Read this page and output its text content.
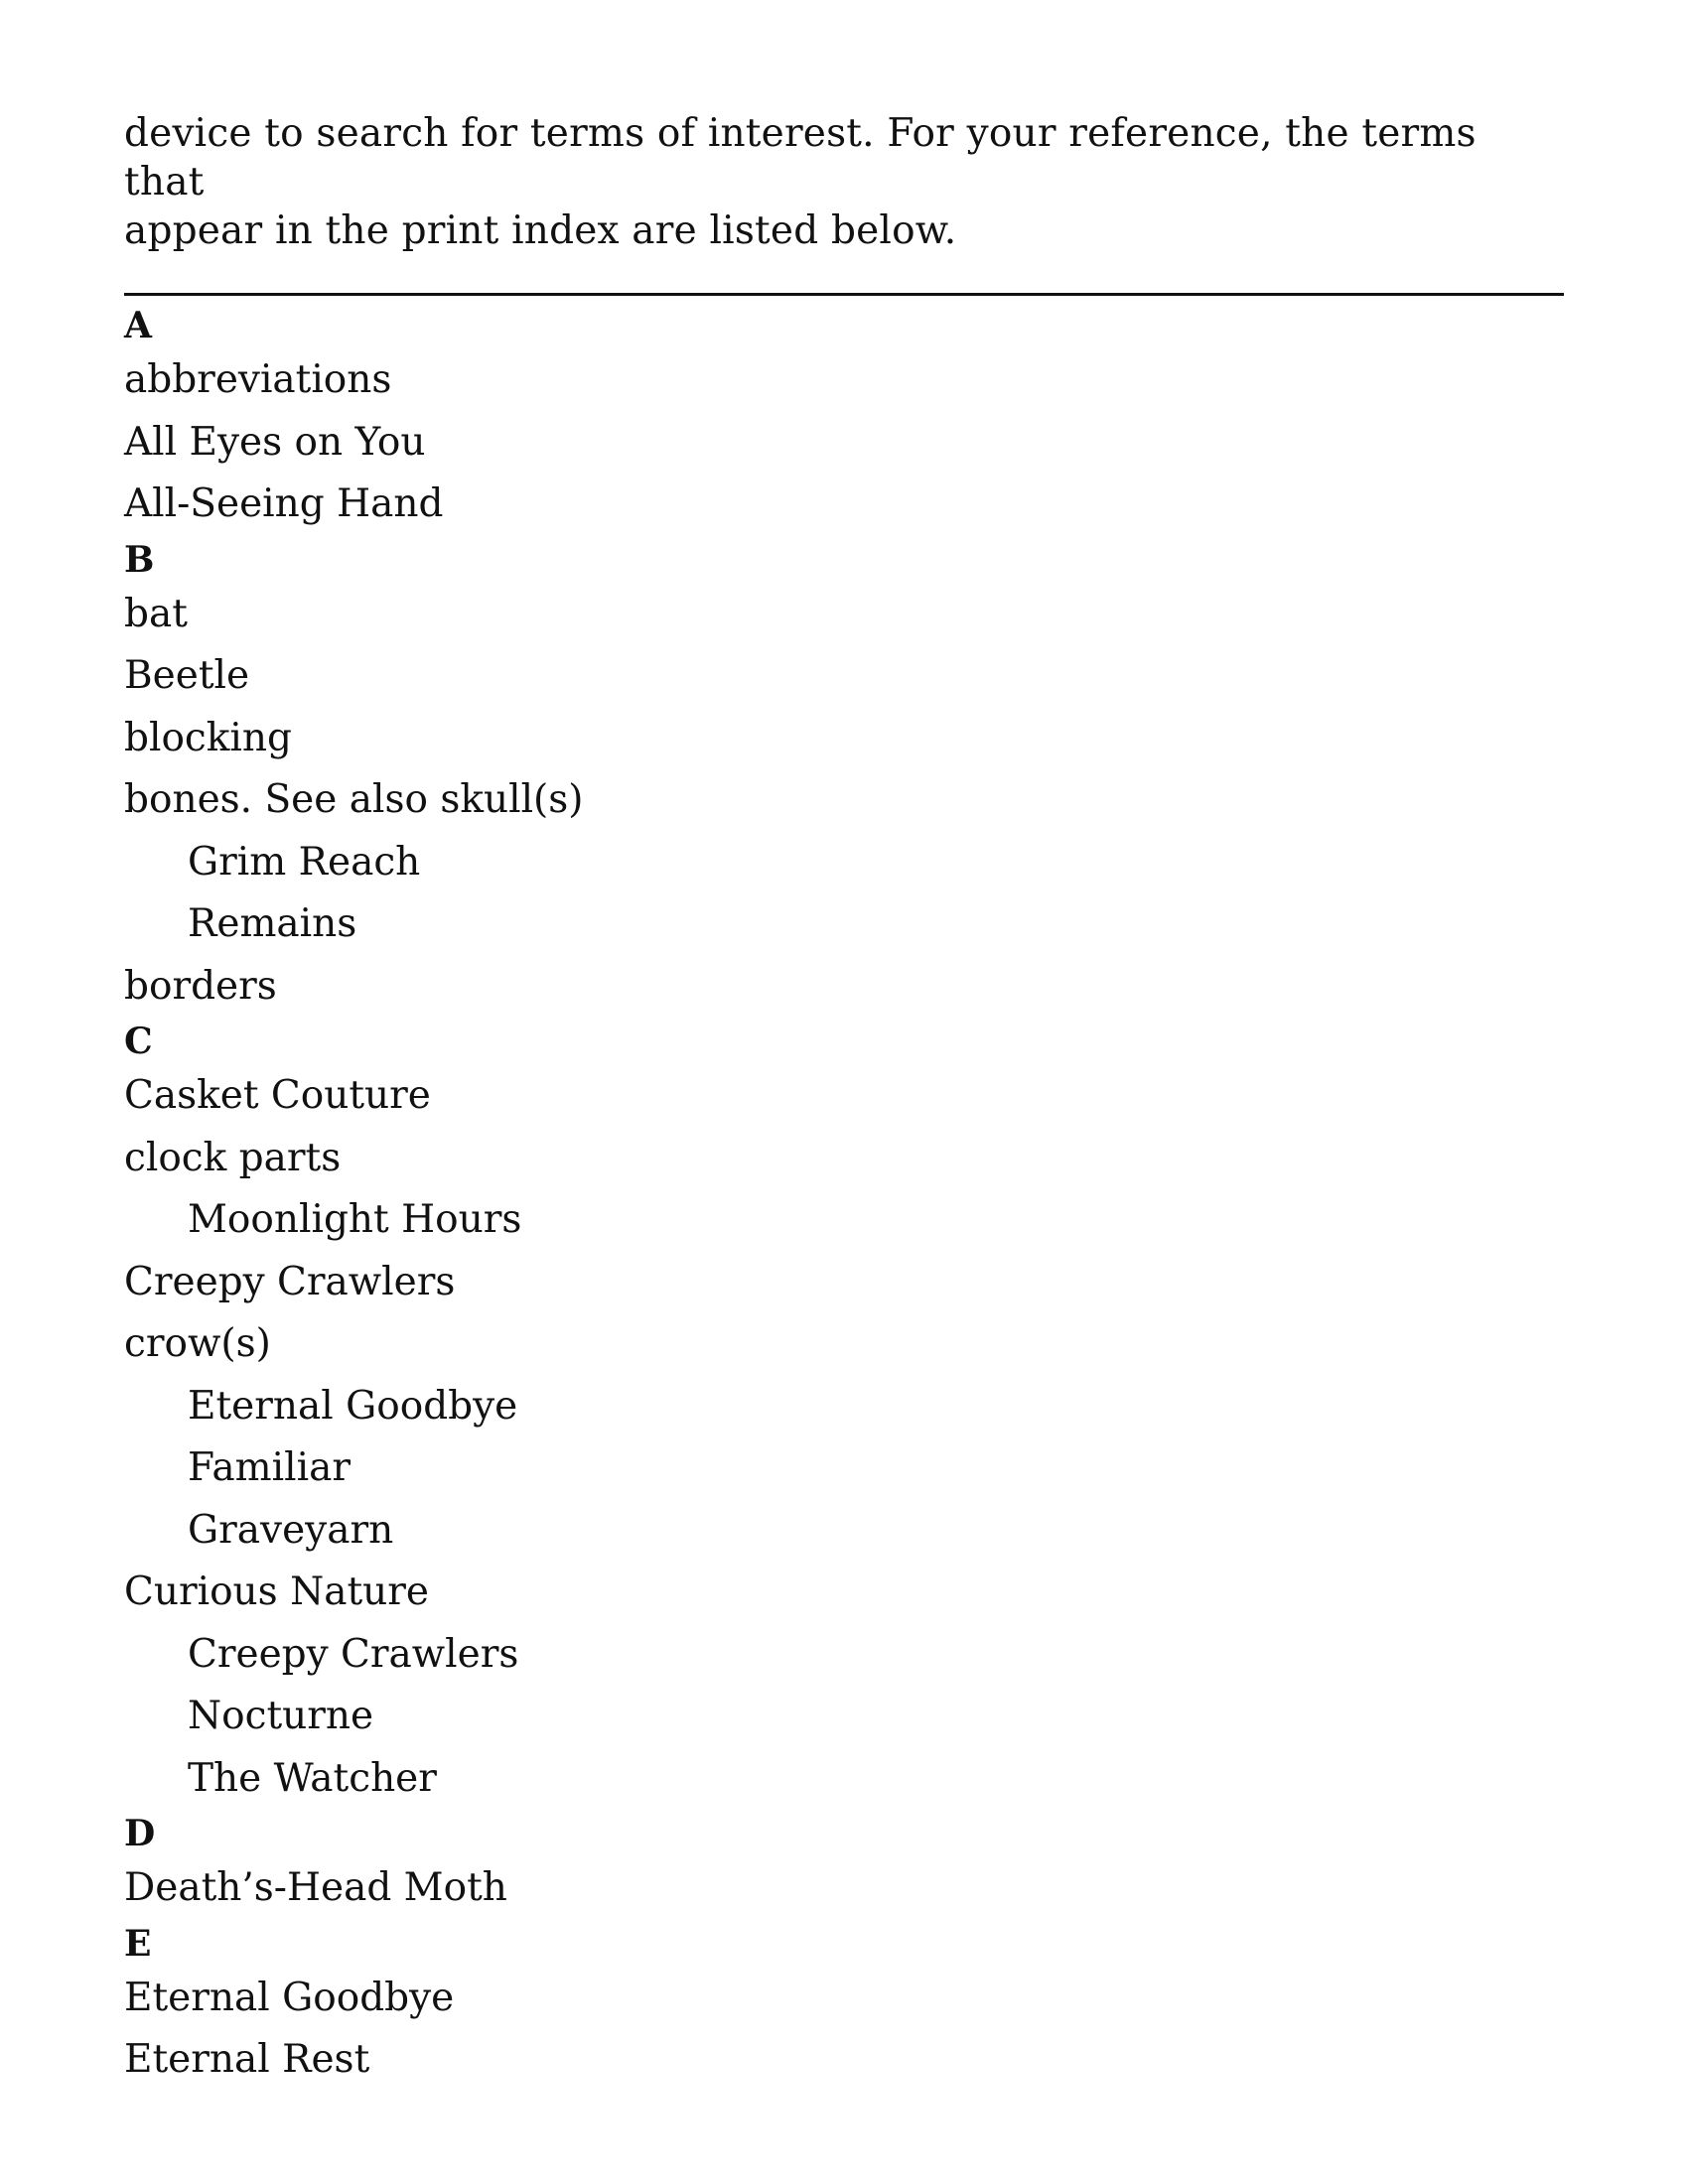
device to search for terms of interest. For your reference, the terms that
appear in the print index are listed below.

A
abbreviations
All Eyes on You
All-Seeing Hand
B
bat
Beetle
blocking
bones. See also skull(s)
Grim Reach
Remains
borders
C
Casket Couture
clock parts
Moonlight Hours
Creepy Crawlers
crow(s)
Eternal Goodbye
Familiar
Graveyarn
Curious Nature
Creepy Crawlers
Nocturne
The Watcher
D
Death’s-Head Moth
E
Eternal Goodbye
Eternal Rest
